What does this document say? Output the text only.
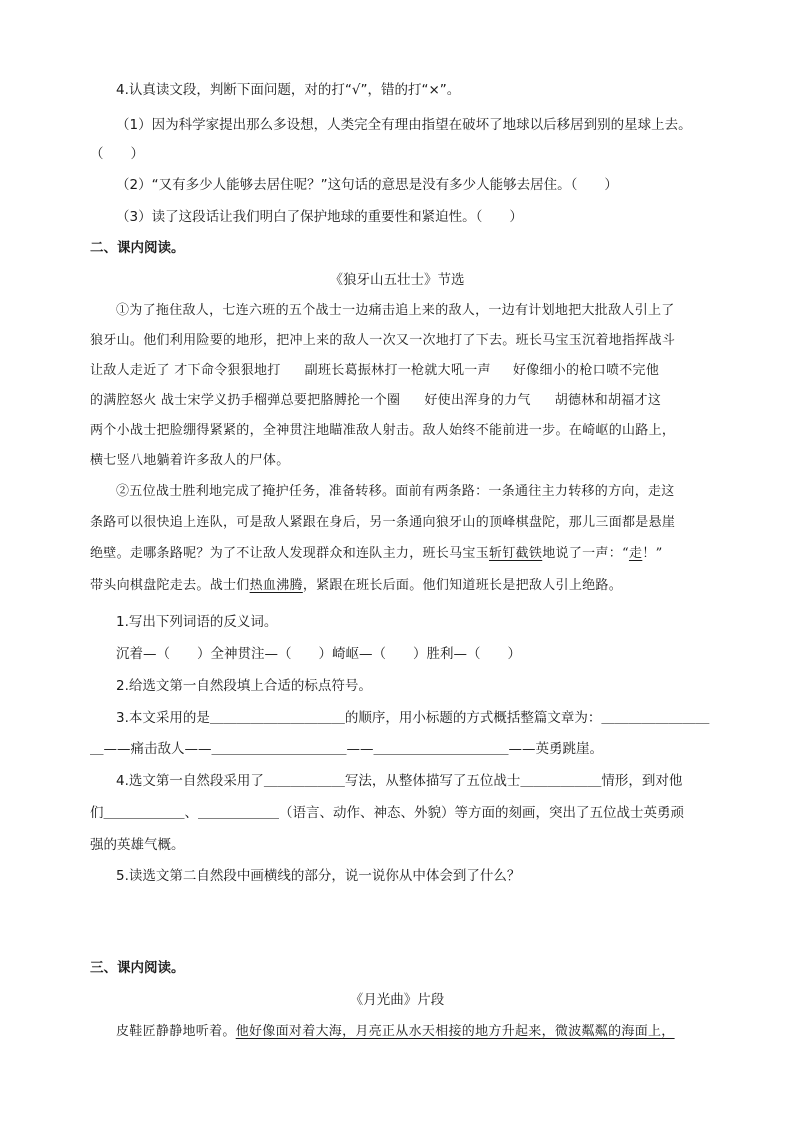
4.认真读文段，判断下面问题，对的打“√”，错的打“×”。
（1）因为科学家提出那么多设想，人类完全有理由指望在破坏了地球以后移居到别的星球上去。
（　　）
（2）“又有多少人能够去居住呢？”这句话的意思是没有多少人能够去居住。（　　）
（3）读了这段话让我们明白了保护地球的重要性和紧迫性。（　　）
二、课内阅读。
《狼牙山五壮士》节选
①为了拖住敌人，七连六班的五个战士一边痛击追上来的敌人，一边有计划地把大批敌人引上了
狼牙山。他们利用险要的地形，把冲上来的敌人一次又一次地打了下去。班长马宝玉沉着地指挥战斗
让敌人走近了 才下命令狠狠地打 副班长葛振林打一枪就大吼一声 好像细小的枪口喷不完他
的满腔怒火 战士宋学义扔手榴弹总要把胳膊抡一个圈 好使出浑身的力气 胡德林和胡福才这
两个小战士把脸绷得紧紧的，全神贯注地瞄准敌人射击。敌人始终不能前进一步。在崎岖的山路上，
横七竖八地躺着许多敌人的尸体。
②五位战士胜利地完成了掩护任务，准备转移。面前有两条路：一条通往主力转移的方向，走这
条路可以很快追上连队，可是敌人紧跟在身后，另一条通向狼牙山的顶峰棋盘陀，那儿三面都是悬崖
绝壁。走哪条路呢？为了不让敌人发现群众和连队主力，班长马宝玉斩钉截铁地说了一声：“走！”
带头向棋盘陀走去。战士们热血沸腾，紧跟在班长后面。他们知道班长是把敌人引上绝路。
1.写出下列词语的反义词。
沉着—（　　）全神贯注—（　　）崎岖—（　　）胜利—（　　）
2.给选文第一自然段填上合适的标点符号。
3.本文采用的是＿＿＿＿＿＿＿＿＿＿的顺序，用小标题的方式概括整篇文章为：＿＿＿＿＿＿＿＿
＿——痛击敌人——＿＿＿＿＿＿＿＿＿＿——＿＿＿＿＿＿＿＿＿＿——英勇跳崖。
4.选文第一自然段采用了＿＿＿＿＿＿写法，从整体描写了五位战士＿＿＿＿＿＿情形，到对他
们＿＿＿＿＿＿、＿＿＿＿＿＿（语言、动作、神态、外貌）等方面的刻画，突出了五位战士英勇顽
强的英雄气概。
5.读选文第二自然段中画横线的部分，说一说你从中体会到了什么？
三、课内阅读。
《月光曲》片段
皮鞋匠静静地听着。他好像面对着大海，月亮正从水天相接的地方升起来，微波粼粼的海面上，
